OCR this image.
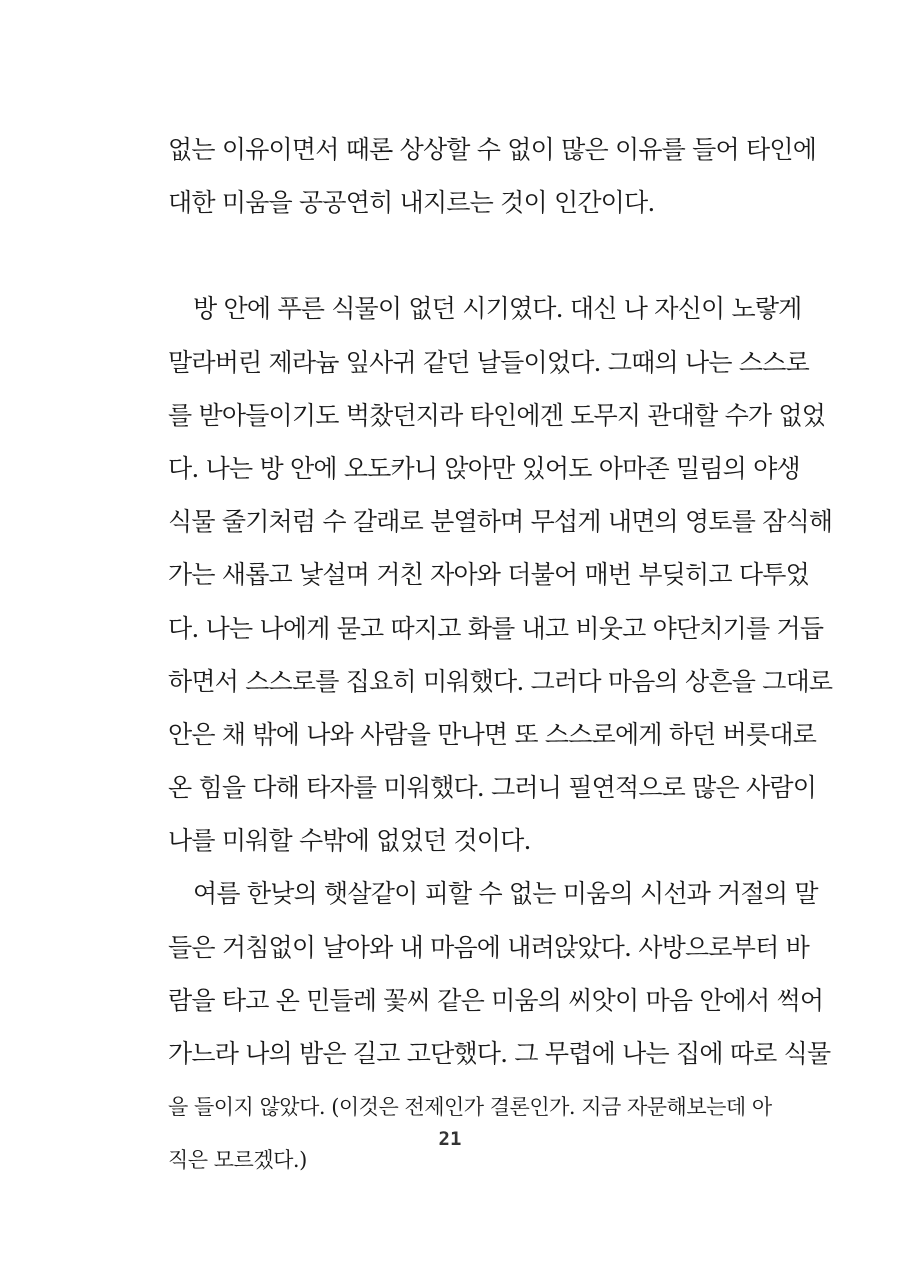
없는 이유이면서 때론 상상할 수 없이 많은 이유를 들어 타인에
대한 미움을 공공연히 내지르는 것이 인간이다.
방 안에 푸른 식물이 없던 시기였다. 대신 나 자신이 노랗게
말라버린 제라늄 잎사귀 같던 날들이었다. 그때의 나는 스스로
를 받아들이기도 벅찼던지라 타인에겐 도무지 관대할 수가 없었
다. 나는 방 안에 오도카니 앉아만 있어도 아마존 밀림의 야생
식물 줄기처럼 수 갈래로 분열하며 무섭게 내면의 영토를 잠식해
가는 새롭고 낯설며 거친 자아와 더불어 매번 부딪히고 다투었
다. 나는 나에게 묻고 따지고 화를 내고 비웃고 야단치기를 거듭
하면서 스스로를 집요히 미워했다. 그러다 마음의 상흔을 그대로
안은 채 밖에 나와 사람을 만나면 또 스스로에게 하던 버릇대로
온 힘을 다해 타자를 미워했다. 그러니 필연적으로 많은 사람이
나를 미워할 수밖에 없었던 것이다.
여름 한낮의 햇살같이 피할 수 없는 미움의 시선과 거절의 말
들은 거침없이 날아와 내 마음에 내려앉았다. 사방으로부터 바
람을 타고 온 민들레 꽃씨 같은 미움의 씨앗이 마음 안에서 썩어
가느라 나의 밤은 길고 고단했다. 그 무렵에 나는 집에 따로 식물
을 들이지 않았다. (이것은 전제인가 결론인가. 지금 자문해보는데 아
직은 모르겠다.)
21
